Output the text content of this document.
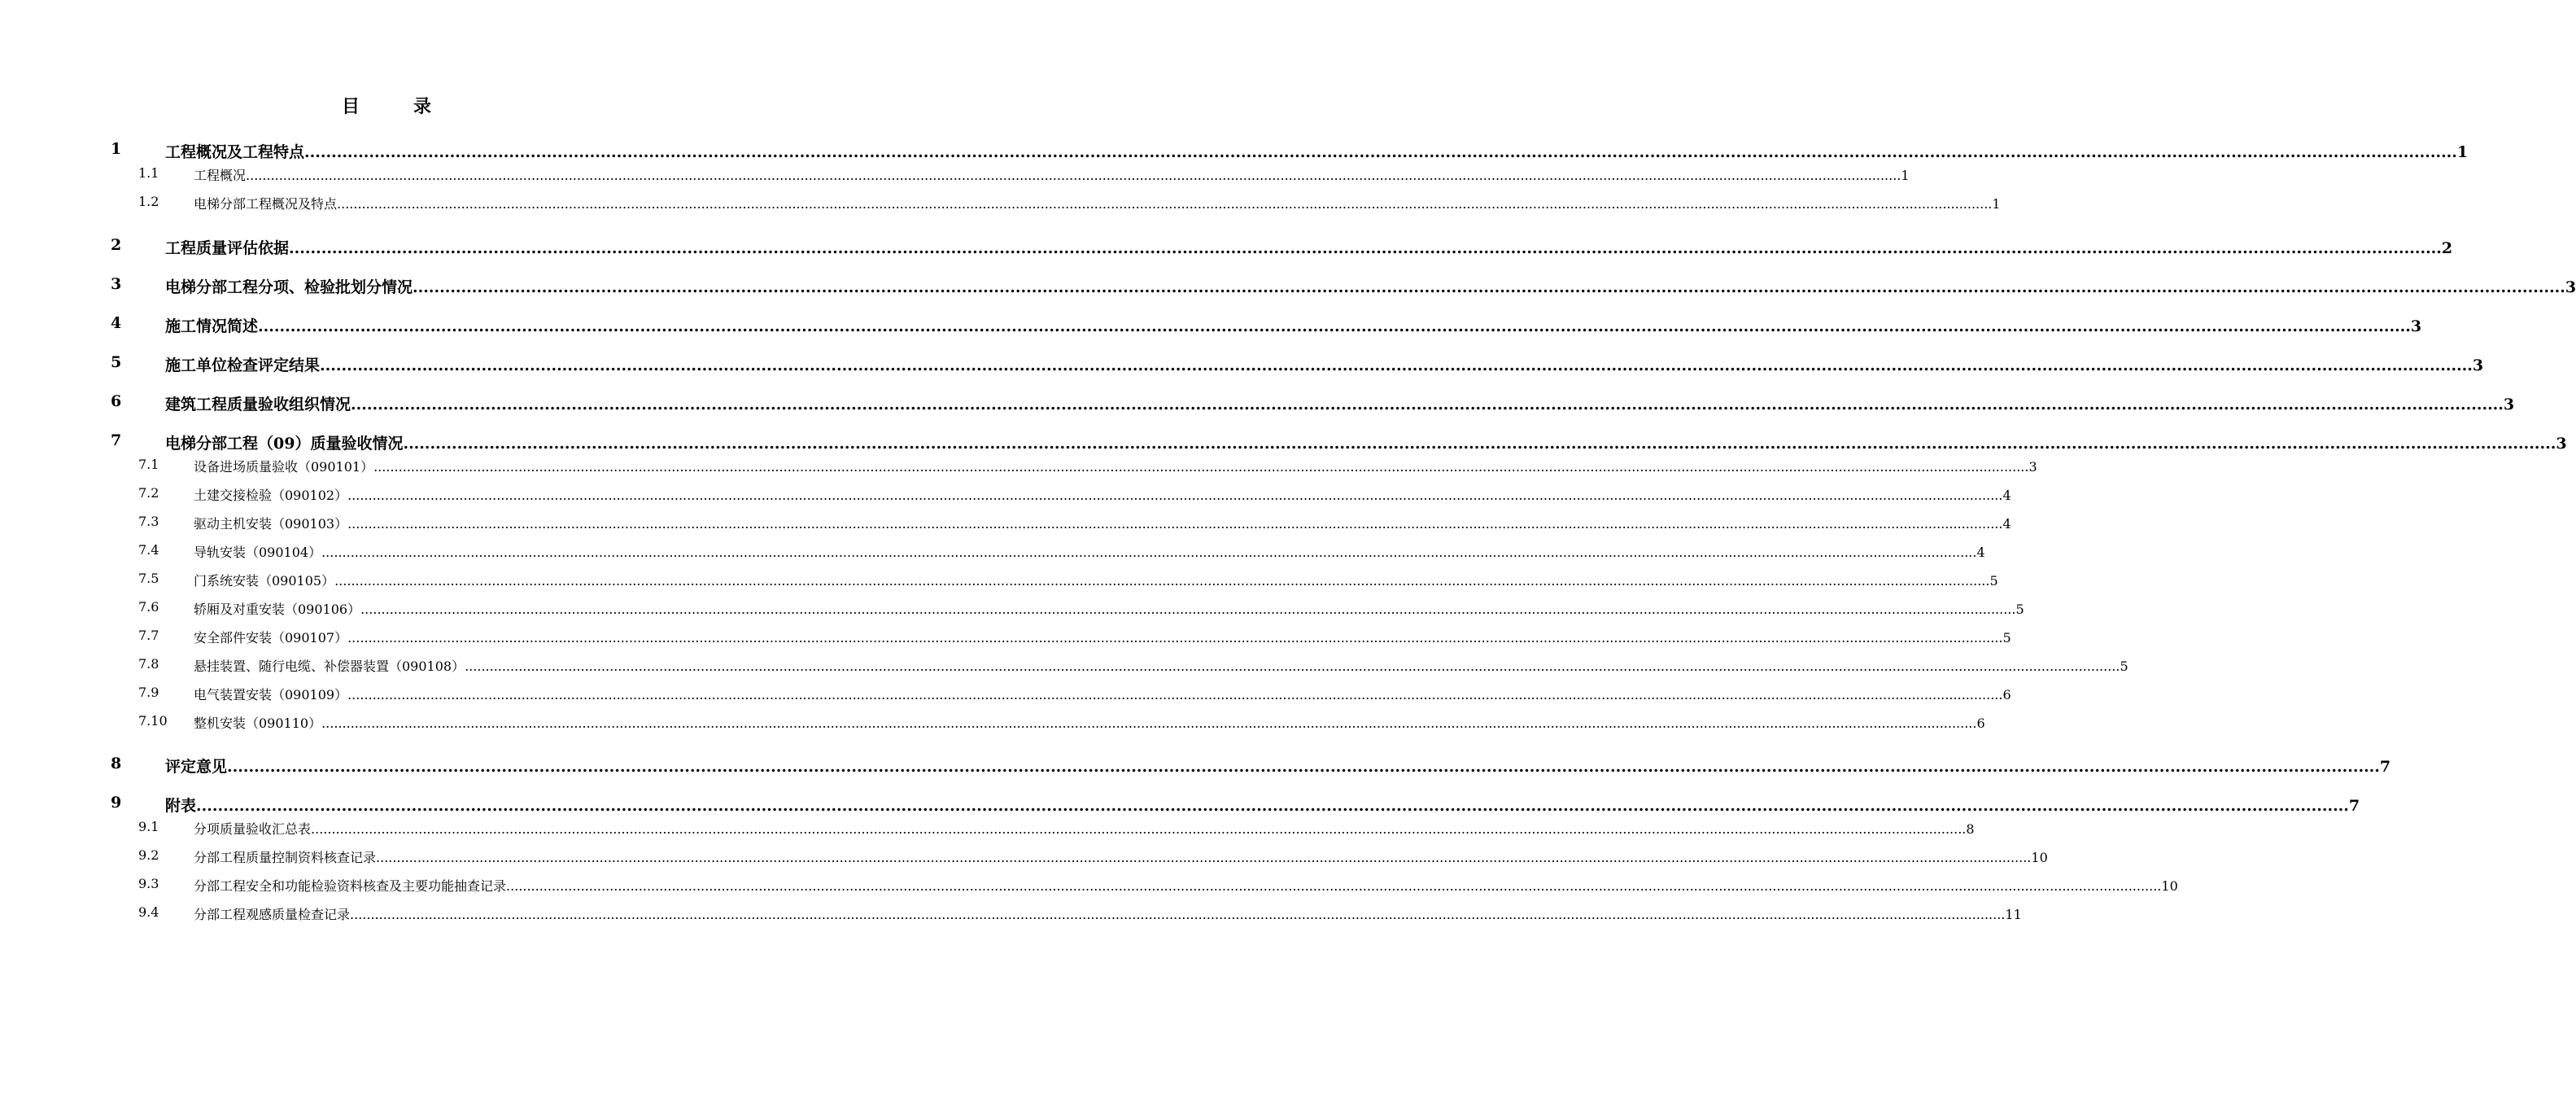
目	录
1	工程概况及工程特点 ................................................................................................................................................................................................................................................................................................................................................................................................................ 1
1.1	工程概况 ................................................................................................................................................................................................................................................................................................................................................................................................................ 1
1.2	电梯分部工程概况及特点 ................................................................................................................................................................................................................................................................................................................................................................................................................ 1
2	工程质量评估依据 ................................................................................................................................................................................................................................................................................................................................................................................................................ 2
3	电梯分部工程分项、检验批划分情况 ................................................................................................................................................................................................................................................................................................................................................................................................................ 3
4	施工情况简述 ................................................................................................................................................................................................................................................................................................................................................................................................................ 3
5	施工单位检查评定结果 ................................................................................................................................................................................................................................................................................................................................................................................................................ 3
6	建筑工程质量验收组织情况 ................................................................................................................................................................................................................................................................................................................................................................................................................ 3
7	电梯分部工程（09）质量验收情况 ................................................................................................................................................................................................................................................................................................................................................................................................................ 3
7.1	设备进场质量验收（090101） ................................................................................................................................................................................................................................................................................................................................................................................................................ 3
7.2	土建交接检验（090102） ................................................................................................................................................................................................................................................................................................................................................................................................................ 4
7.3	驱动主机安装（090103） ................................................................................................................................................................................................................................................................................................................................................................................................................ 4
7.4	导轨安装（090104） ................................................................................................................................................................................................................................................................................................................................................................................................................ 4
7.5	门系统安装（090105） ................................................................................................................................................................................................................................................................................................................................................................................................................ 5
7.6	轿厢及对重安装（090106） ................................................................................................................................................................................................................................................................................................................................................................................................................ 5
7.7	安全部件安装（090107） ................................................................................................................................................................................................................................................................................................................................................................................................................ 5
7.8	悬挂装置、随行电缆、补偿器装置（090108） ................................................................................................................................................................................................................................................................................................................................................................................................................ 5
7.9	电气装置安装（090109） ................................................................................................................................................................................................................................................................................................................................................................................................................ 6
7.10 整机安装（090110） ................................................................................................................................................................................................................................................................................................................................................................................................................ 6
8	评定意见 ................................................................................................................................................................................................................................................................................................................................................................................................................ 7
9	附表 ................................................................................................................................................................................................................................................................................................................................................................................................................ 7
9.1	分项质量验收汇总表 ................................................................................................................................................................................................................................................................................................................................................................................................................ 8
9.2	分部工程质量控制资料核查记录 ................................................................................................................................................................................................................................................................................................................................................................................................................ 10
9.3	分部工程安全和功能检验资料核查及主要功能抽查记录 ................................................................................................................................................................................................................................................................................................................................................................................................................ 10
9.4	分部工程观感质量检查记录 ................................................................................................................................................................................................................................................................................................................................................................................................................ 11
